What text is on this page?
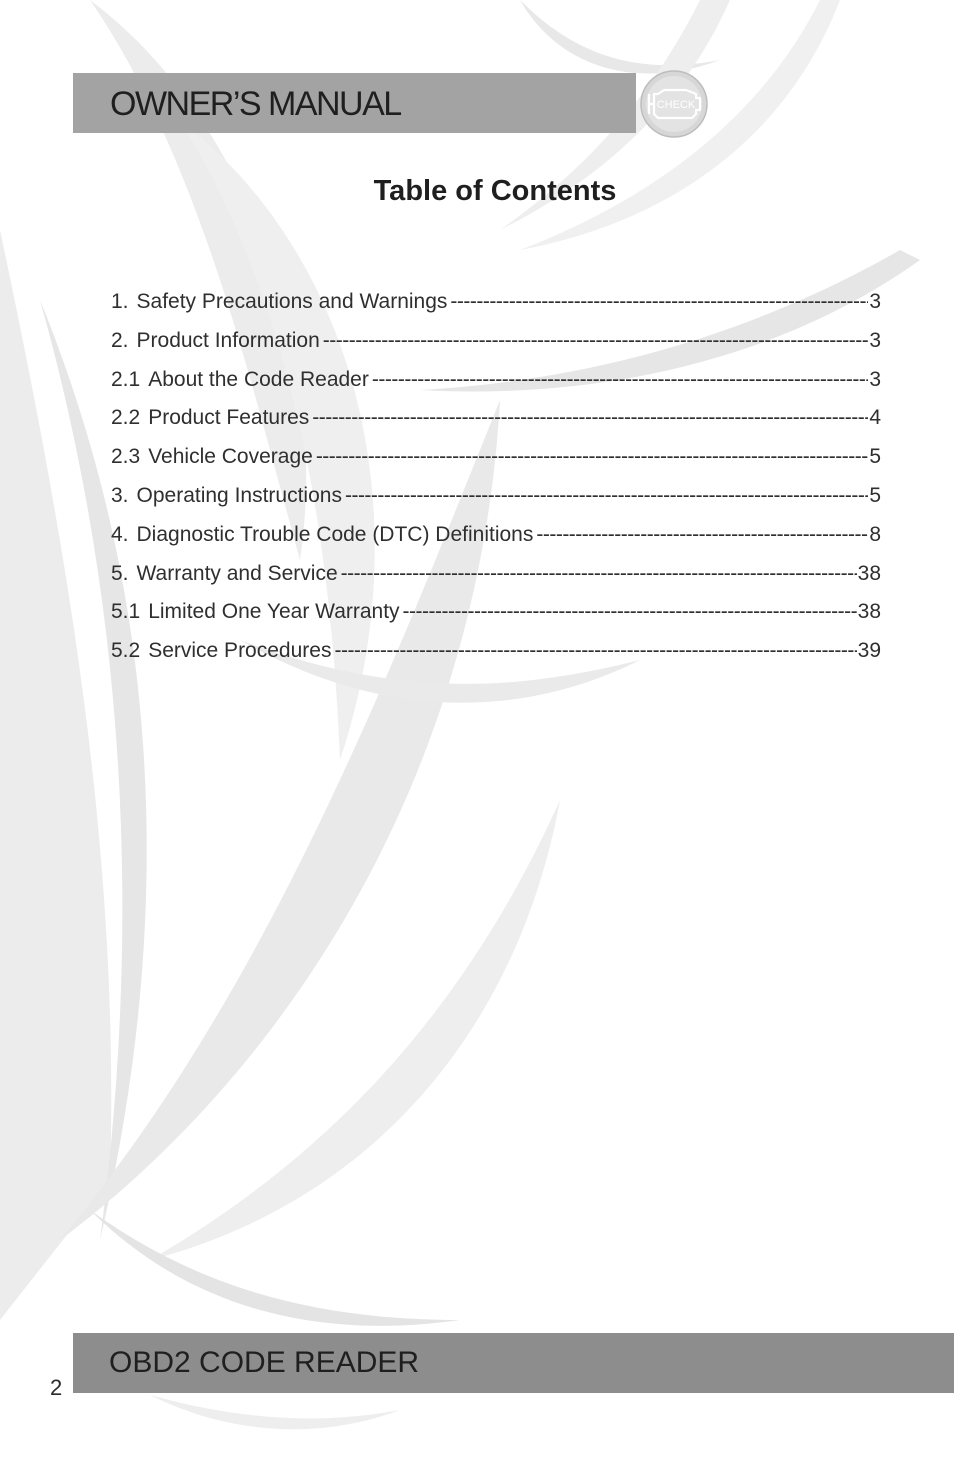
OWNER’S MANUAL	CHECK
Table of Contents
1. Safety Precautions and Warnings -----	3
2. Product Information -----	3
2.1 About the Code Reader -----	3
2.2 Product Features -----	4
2.3 Vehicle Coverage -----	5
3. Operating Instructions -----	5
4. Diagnostic Trouble Code (DTC) Definitions -----	8
5. Warranty and Service -----	38
5.1 Limited One Year Warranty -----	38
5.2 Service Procedures -----	39
OBD2 CODE READER
2
